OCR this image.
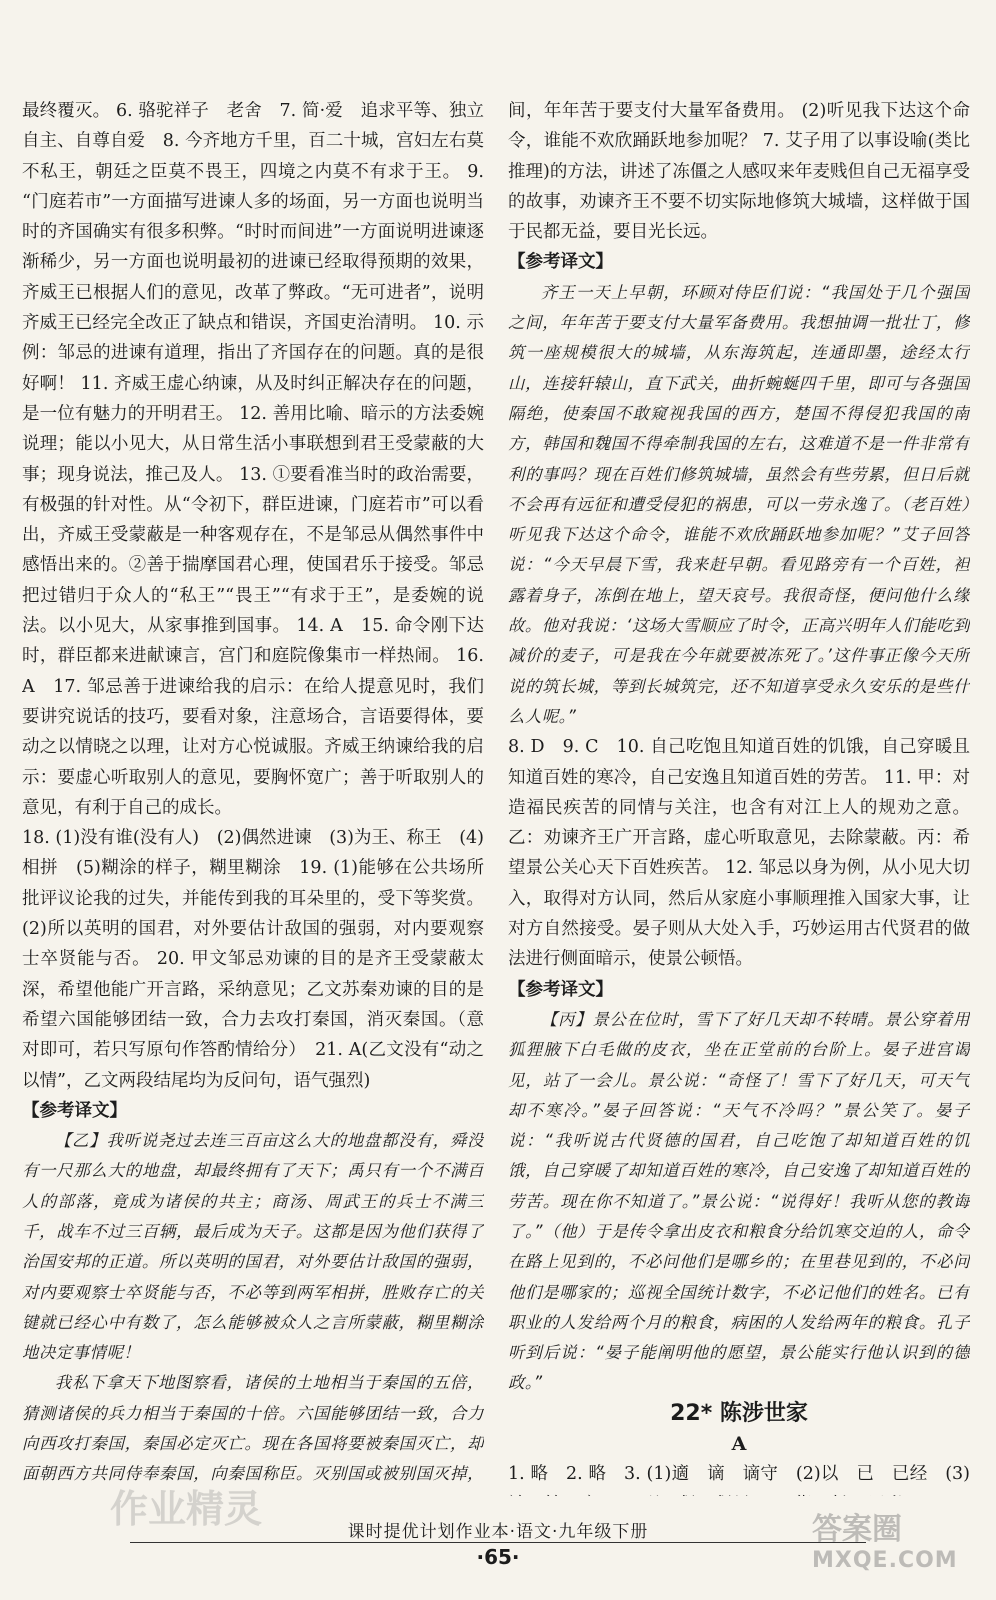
最终覆灭。 6. 骆驼祥子　老舍　7. 简·爱　追求平等、独立自主、自尊自爱　8. 今齐地方千里，百二十城，宫妇左右莫不私王，朝廷之臣莫不畏王，四境之内莫不有求于王。 9. “门庭若市”一方面描写进谏人多的场面，另一方面也说明当时的齐国确实有很多积弊。“时时而间进”一方面说明进谏逐渐稀少，另一方面也说明最初的进谏已经取得预期的效果，齐威王已根据人们的意见，改革了弊政。“无可进者”，说明齐威王已经完全改正了缺点和错误，齐国吏治清明。 10. 示例：邹忌的进谏有道理，指出了齐国存在的问题。真的是很好啊！ 11. 齐威王虚心纳谏，从及时纠正解决存在的问题，是一位有魅力的开明君王。 12. 善用比喻、暗示的方法委婉说理；能以小见大，从日常生活小事联想到君王受蒙蔽的大事；现身说法，推己及人。 13. ①要看准当时的政治需要，有极强的针对性。从“令初下，群臣进谏，门庭若市”可以看出，齐威王受蒙蔽是一种客观存在，不是邹忌从偶然事件中感悟出来的。②善于揣摩国君心理，使国君乐于接受。邹忌把过错归于众人的“私王”“畏王”“有求于王”，是委婉的说法。以小见大，从家事推到国事。 14. A　15. 命令刚下达时，群臣都来进献谏言，宫门和庭院像集市一样热闹。 16. A　17. 邹忌善于进谏给我的启示：在给人提意见时，我们要讲究说话的技巧，要看对象，注意场合，言语要得体，要动之以情晓之以理，让对方心悦诚服。齐威王纳谏给我的启示：要虚心听取别人的意见，要胸怀宽广；善于听取别人的意见，有利于自己的成长。

18. (1)没有谁(没有人)　(2)偶然进谏　(3)为王、称王　(4)相拼　(5)糊涂的样子，糊里糊涂　19. (1)能够在公共场所批评议论我的过失，并能传到我的耳朵里的，受下等奖赏。 (2)所以英明的国君，对外要估计敌国的强弱，对内要观察士卒贤能与否。 20. 甲文邹忌劝谏的目的是齐王受蒙蔽太深，希望他能广开言路，采纳意见；乙文苏秦劝谏的目的是希望六国能够团结一致，合力去攻打秦国，消灭秦国。（意对即可，若只写原句作答酌情给分）　21. A(乙文没有“动之以情”，乙文两段结尾均为反问句，语气强烈)

【参考译文】

【乙】我听说尧过去连三百亩这么大的地盘都没有，舜没有一尺那么大的地盘，却最终拥有了天下；禹只有一个不满百人的部落，竟成为诸侯的共主；商汤、周武王的兵士不满三千，战车不过三百辆，最后成为天子。这都是因为他们获得了治国安邦的正道。所以英明的国君，对外要估计敌国的强弱，对内要观察士卒贤能与否，不必等到两军相拼，胜败存亡的关键就已经心中有数了，怎么能够被众人之言所蒙蔽，糊里糊涂地决定事情呢！

我私下拿天下地图察看，诸侯的土地相当于秦国的五倍，猜测诸侯的兵力相当于秦国的十倍。六国能够团结一致，合力向西攻打秦国，秦国必定灭亡。现在各国将要被秦国灭亡，却面朝西方共同侍奉秦国，向秦国称臣。灭别国或被别国灭掉，

间，年年苦于要支付大量军备费用。 (2)听见我下达这个命令，谁能不欢欣踊跃地参加呢？ 7. 艾子用了以事设喻(类比推理)的方法，讲述了冻僵之人感叹来年麦贱但自己无福享受的故事，劝谏齐王不要不切实际地修筑大城墙，这样做于国于民都无益，要目光长远。

【参考译文】

齐王一天上早朝，环顾对侍臣们说：“我国处于几个强国之间，年年苦于要支付大量军备费用。我想抽调一批壮丁，修筑一座规模很大的城墙，从东海筑起，连通即墨，途经太行山，连接轩辕山，直下武关，曲折蜿蜒四千里，即可与各强国隔绝，使秦国不敢窥视我国的西方，楚国不得侵犯我国的南方，韩国和魏国不得牵制我国的左右，这难道不是一件非常有利的事吗？现在百姓们修筑城墙，虽然会有些劳累，但日后就不会再有远征和遭受侵犯的祸患，可以一劳永逸了。（老百姓）听见我下达这个命令，谁能不欢欣踊跃地参加呢？”艾子回答说：“今天早晨下雪，我来赶早朝。看见路旁有一个百姓，袒露着身子，冻倒在地上，望天哀号。我很奇怪，便问他什么缘故。他对我说：‘这场大雪顺应了时令，正高兴明年人们能吃到减价的麦子，可是我在今年就要被冻死了。’这件事正像今天所说的筑长城，等到长城筑完，还不知道享受永久安乐的是些什么人呢。”

8. D　9. C　10. 自己吃饱且知道百姓的饥饿，自己穿暖且知道百姓的寒冷，自己安逸且知道百姓的劳苦。 11. 甲：对造福民疾苦的同情与关注，也含有对江上人的规劝之意。乙：劝谏齐王广开言路，虚心听取意见，去除蒙蔽。丙：希望景公关心天下百姓疾苦。 12. 邹忌以身为例，从小见大切入，取得对方认同，然后从家庭小事顺理推入国家大事，让对方自然接受。晏子则从大处入手，巧妙运用古代贤君的做法进行侧面暗示，使景公顿悟。

【参考译文】

【丙】景公在位时，雪下了好几天却不转晴。景公穿着用狐狸腋下白毛做的皮衣，坐在正堂前的台阶上。晏子进宫谒见，站了一会儿。景公说：“奇怪了！雪下了好几天，可天气却不寒冷。”晏子回答说：“天气不冷吗？”景公笑了。晏子说：“我听说古代贤德的国君，自己吃饱了却知道百姓的饥饿，自己穿暖了却知道百姓的寒冷，自己安逸了却知道百姓的劳苦。现在你不知道了。”景公说：“说得好！我听从您的教诲了。”（他）于是传令拿出皮衣和粮食分给饥寒交迫的人，命令在路上见到的，不必问他们是哪乡的；在里巷见到的，不必问他们是哪家的；巡视全国统计数字，不必记他们的姓名。已有职业的人发给两个月的粮食，病困的人发给两年的粮食。孔子听到后说：“晏子能阐明他的愿望，景公能实行他认识到的德政。”

22* 陈涉世家

A

1. 略　2. 略　3. (1)適　谪　谪守　(2)以　已　已经　(3)　　　　　　　　　 　　　　　　　　　　 　　　　　　 　　　　　　　　 　　

作业精灵
课时提优计划作业本·语文·九年级下册
·65·
答案圈
MXQE.COM
